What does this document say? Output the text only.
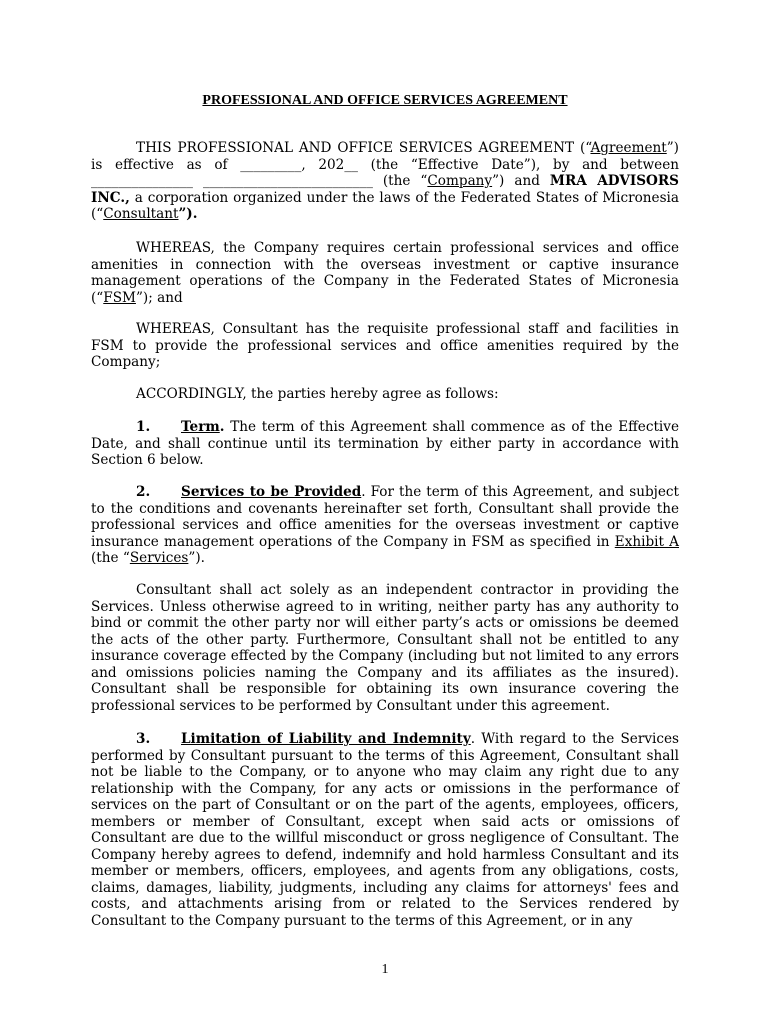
PROFESSIONAL AND OFFICE SERVICES AGREEMENT

THIS PROFESSIONAL AND OFFICE SERVICES AGREEMENT (“Agreement”) is effective as of _________, 202__ (the “Effective Date”), by and between _______________ _________________________ (the “Company”) and MRA ADVISORS INC., a corporation organized under the laws of the Federated States of Micronesia (“Consultant”).

WHEREAS, the Company requires certain professional services and office amenities in connection with the overseas investment or captive insurance management operations of the Company in the Federated States of Micronesia (“FSM”); and

WHEREAS, Consultant has the requisite professional staff and facilities in FSM to provide the professional services and office amenities required by the Company;

ACCORDINGLY, the parties hereby agree as follows:

1. Term. The term of this Agreement shall commence as of the Effective Date, and shall continue until its termination by either party in accordance with Section 6 below.

2. Services to be Provided. For the term of this Agreement, and subject to the conditions and covenants hereinafter set forth, Consultant shall provide the professional services and office amenities for the overseas investment or captive insurance management operations of the Company in FSM as specified in Exhibit A (the “Services”).

Consultant shall act solely as an independent contractor in providing the Services. Unless otherwise agreed to in writing, neither party has any authority to bind or commit the other party nor will either party’s acts or omissions be deemed the acts of the other party. Furthermore, Consultant shall not be entitled to any insurance coverage effected by the Company (including but not limited to any errors and omissions policies naming the Company and its affiliates as the insured). Consultant shall be responsible for obtaining its own insurance covering the professional services to be performed by Consultant under this agreement.

3. Limitation of Liability and Indemnity. With regard to the Services performed by Consultant pursuant to the terms of this Agreement, Consultant shall not be liable to the Company, or to anyone who may claim any right due to any relationship with the Company, for any acts or omissions in the performance of services on the part of Consultant or on the part of the agents, employees, officers, members or member of Consultant, except when said acts or omissions of Consultant are due to the willful misconduct or gross negligence of Consultant. The Company hereby agrees to defend, indemnify and hold harmless Consultant and its member or members, officers, employees, and agents from any obligations, costs, claims, damages, liability, judgments, including any claims for attorneys' fees and costs, and attachments arising from or related to the Services rendered by Consultant to the Company pursuant to the terms of this Agreement, or in any

1
